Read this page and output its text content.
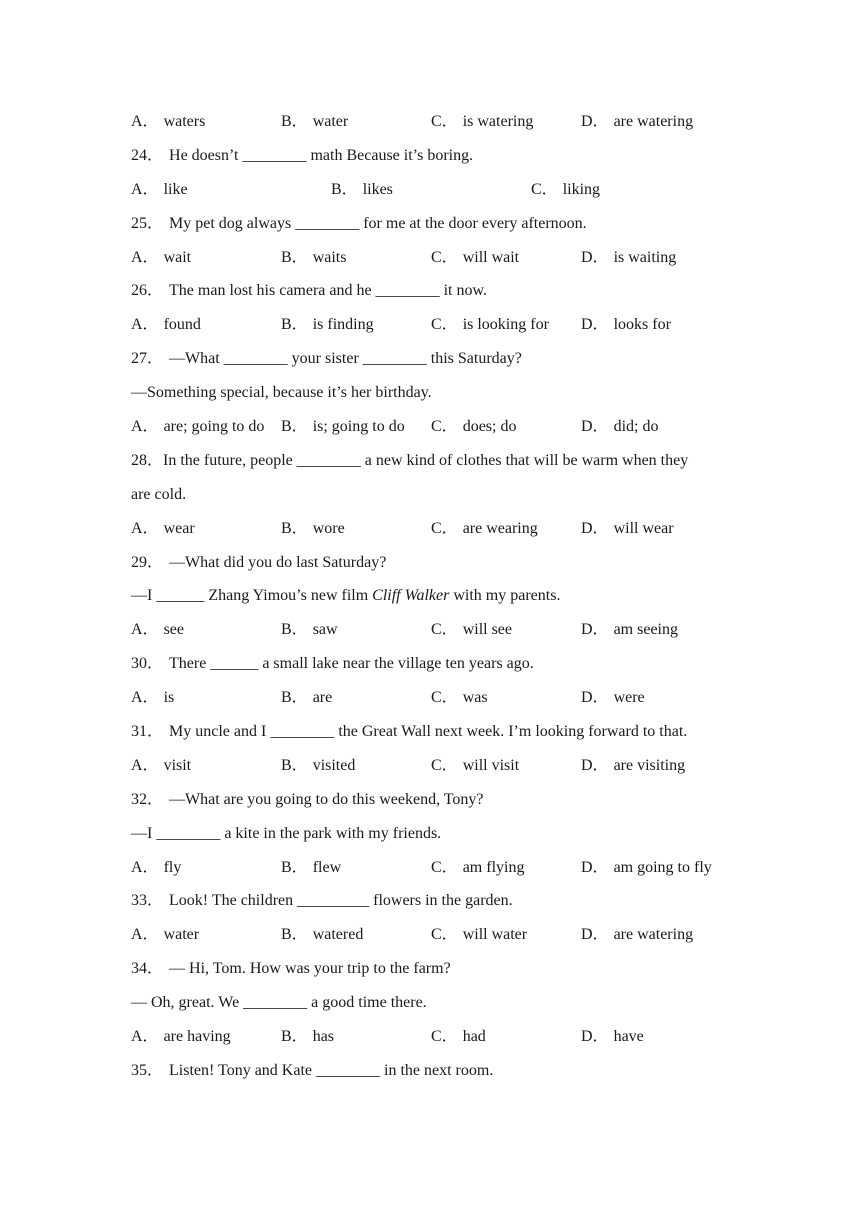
A． waters	B． water	C． is watering	D． are watering
24． He doesn’t ________ math Because it’s boring.
A． like	B． likes	C． liking
25． My pet dog always ________ for me at the door every afternoon.
A． wait	B． waits	C． will wait	D． is waiting
26． The man lost his camera and he ________ it now.
A． found	B． is finding	C． is looking for D． looks for
27． —What ________ your sister ________ this Saturday?
—Something special, because it’s her birthday.
A． are; going to do B． is; going to do C． does; do	D． did; do
28．In the future, people ________ a new kind of clothes that will be warm when they
are cold.
A． wear	B． wore	C． are wearing	D． will wear
29． —What did you do last Saturday?
—I ______ Zhang Yimou’s new film Cliff Walker with my parents.
A． see	B． saw	C． will see	D． am seeing
30． There ______ a small lake near the village ten years ago.
A． is	B． are	C． was	D． were
31． My uncle and I ________ the Great Wall next week. I’m looking forward to that.
A． visit	B． visited	C． will visit	D． are visiting
32． —What are you going to do this weekend, Tony?
—I ________ a kite in the park with my friends.
A． fly	B． flew	C． am flying	D． am going to fly
33． Look! The children _________ flowers in the garden.
A． water	B． watered	C． will water	D． are watering
34． — Hi, Tom. How was your trip to the farm?
— Oh, great. We ________ a good time there.
A． are having	B． has	C． had	D． have
35． Listen! Tony and Kate ________ in the next room.
